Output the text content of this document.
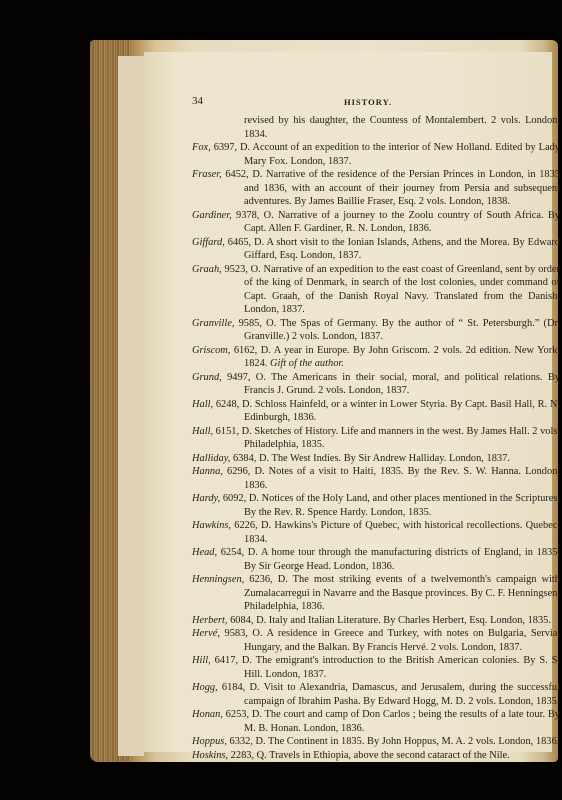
34	HISTORY.

revised by his daughter, the Countess of Montalembert. 2 vols. London, 1834.

Fox, 6397, D. Account of an expedition to the interior of New Holland. Edited by Lady Mary Fox. London, 1837.

Fraser, 6452, D. Narrative of the residence of the Persian Princes in London, in 1835 and 1836, with an account of their journey from Persia and subsequent adventures. By James Baillie Fraser, Esq. 2 vols. London, 1838.

Gardiner, 9378, O. Narrative of a journey to the Zoolu country of South Africa. By Capt. Allen F. Gardiner, R. N. London, 1836.

Giffard, 6465, D. A short visit to the Ionian Islands, Athens, and the Morea. By Edward Giffard, Esq. London, 1837.

Graah, 9523, O. Narrative of an expedition to the east coast of Greenland, sent by order of the king of Denmark, in search of the lost colonies, under command of Capt. Graah, of the Danish Royal Navy. Translated from the Danish. London, 1837.

Granville, 9585, O. The Spas of Germany. By the author of “ St. Petersburgh.” (Dr. Granville.) 2 vols. London, 1837.

Griscom, 6162, D. A year in Europe. By John Griscom. 2 vols. 2d edition. New York, 1824. Gift of the author.

Grund, 9497, O. The Americans in their social, moral, and political relations. By Francis J. Grund. 2 vols. London, 1837.

Hall, 6248, D. Schloss Hainfeld, or a winter in Lower Styria. By Capt. Basil Hall, R. N. Edinburgh, 1836.

Hall, 6151, D. Sketches of History. Life and manners in the west. By James Hall. 2 vols. Philadelphia, 1835.

Halliday, 6384, D. The West Indies. By Sir Andrew Halliday. London, 1837.

Hanna, 6296, D. Notes of a visit to Haiti, 1835. By the Rev. S. W. Hanna. London, 1836.

Hardy, 6092, D. Notices of the Holy Land, and other places mentioned in the Scriptures. By the Rev. R. Spence Hardy. London, 1835.

Hawkins, 6226, D. Hawkins's Picture of Quebec, with historical recollections. Quebec, 1834.

Head, 6254, D. A home tour through the manufacturing districts of England, in 1835. By Sir George Head. London, 1836.

Henningsen, 6236, D. The most striking events of a twelvemonth's campaign with Zumalacarregui in Navarre and the Basque provinces. By C. F. Henningsen. Philadelphia, 1836.

Herbert, 6084, D. Italy and Italian Literature. By Charles Herbert, Esq. London, 1835.

Hervé, 9583, O. A residence in Greece and Turkey, with notes on Bulgaria, Servia, Hungary, and the Balkan. By Francis Hervé. 2 vols. London, 1837.

Hill, 6417, D. The emigrant's introduction to the British American colonies. By S. S. Hill. London, 1837.

Hogg, 6184, D. Visit to Alexandria, Damascus, and Jerusalem, during the successful campaign of Ibrahim Pasha. By Edward Hogg, M. D. 2 vols. London, 1835.

Honan, 6253, D. The court and camp of Don Carlos ; being the results of a late tour. By M. B. Honan. London, 1836.

Hoppus, 6332, D. The Continent in 1835. By John Hoppus, M. A. 2 vols. London, 1836.

Hoskins, 2283, Q. Travels in Ethiopia, above the second cataract of the Nile.
